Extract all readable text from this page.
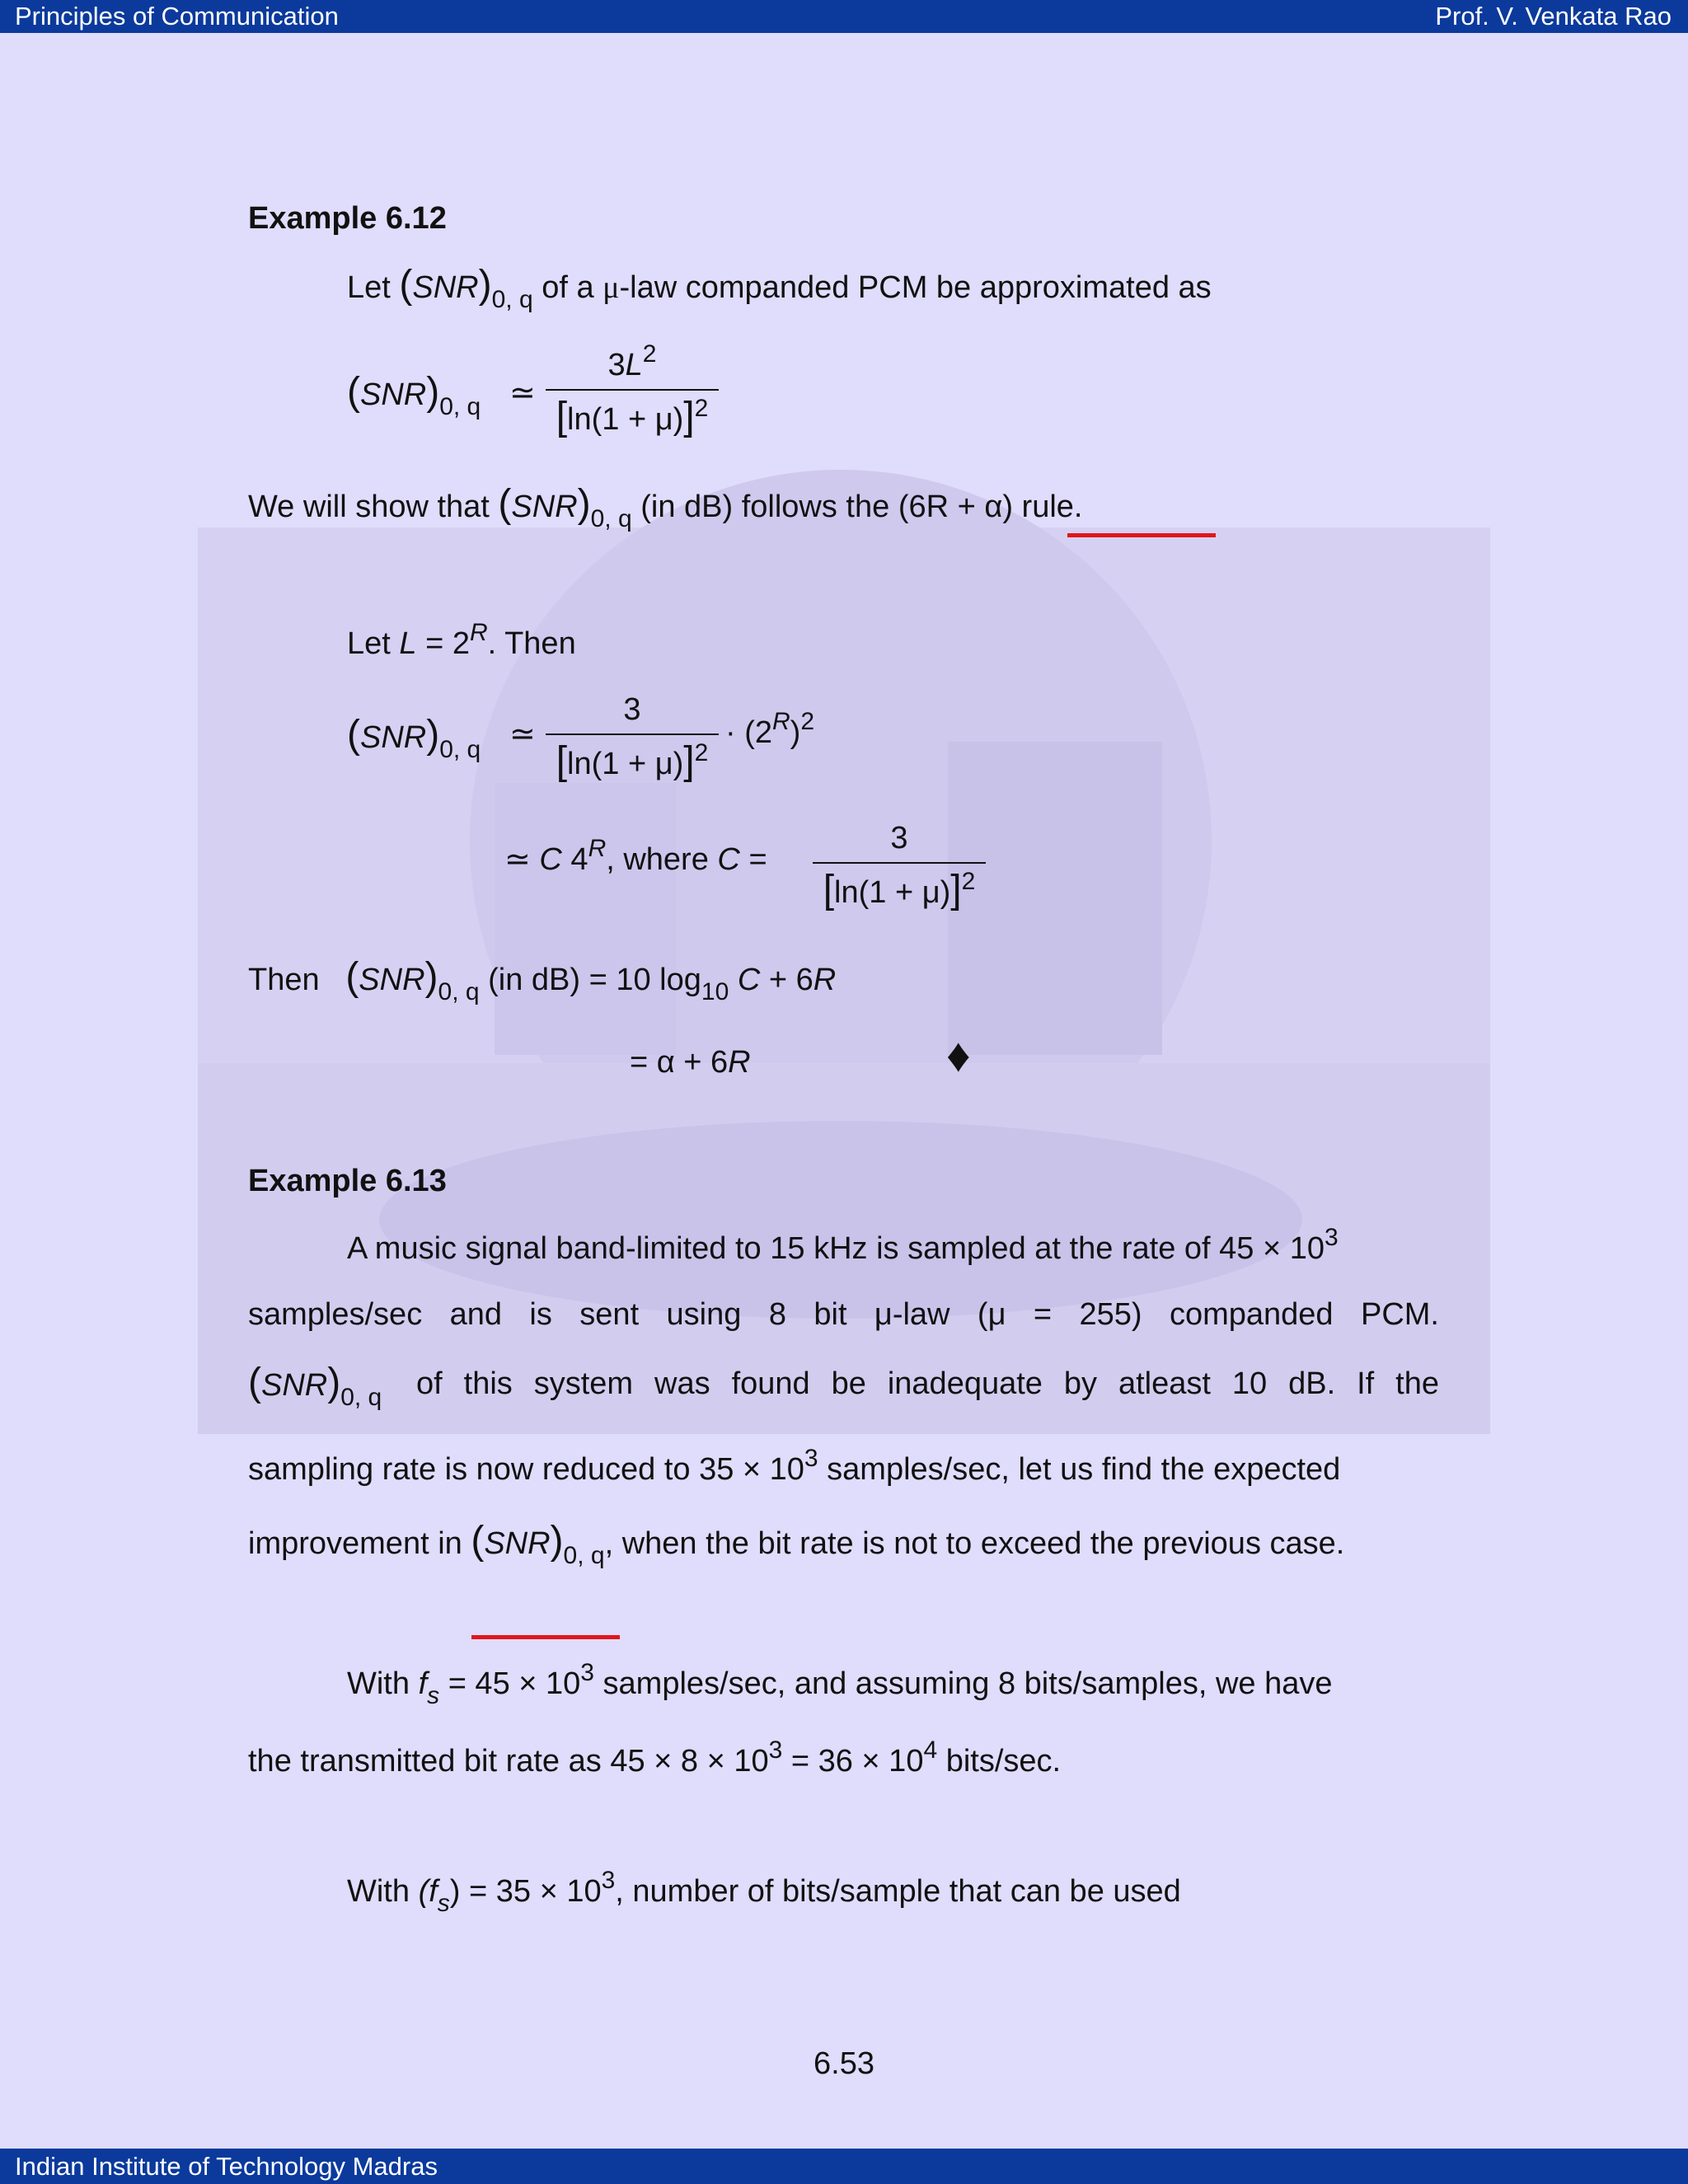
Principles of Communication	Prof. V. Venkata Rao
Example 6.12
Let $(SNR)_{0, q}$ of a μ-law companded PCM be approximated as
$(SNR)_{0, q}$ ≃ $\frac{3L^2}{[\ln(1 + \mu)]^2}$
We will show that $(SNR)_{0, q}$ (in dB) follows the (6R + α) rule.
Let $L = 2^R$. Then
$(SNR)_{0, q}$ ≃ $\frac{3}{[\ln(1 + \mu)]^2} \cdot (2^R)^2$
≃ C $4^R$, where $C = \frac{3}{[\ln(1 + \mu)]^2}$
Then $(SNR)_{0, q}$ (in dB) = 10 $\log_{10} C + 6R$
= α + 6R	♦
Example 6.13
A music signal band-limited to 15 kHz is sampled at the rate of $45 \times 10^3$
samples/sec and is sent using 8 bit μ-law (μ = 255) companded PCM.
$(SNR)_{0, q}$ of this system was found be inadequate by atleast 10 dB. If the
sampling rate is now reduced to $35 \times 10^3$ samples/sec, let us find the expected
improvement in $(SNR)_{0, q}$, when the bit rate is not to exceed the previous case.
With $f_s = 45 \times 10^3$ samples/sec, and assuming 8 bits/samples, we have
the transmitted bit rate as $45 \times 8 \times 10^3 = 36 \times 10^4$ bits/sec.
With $(f_s) = 35 \times 10^3$, number of bits/sample that can be used
6.53
Indian Institute of Technology Madras
